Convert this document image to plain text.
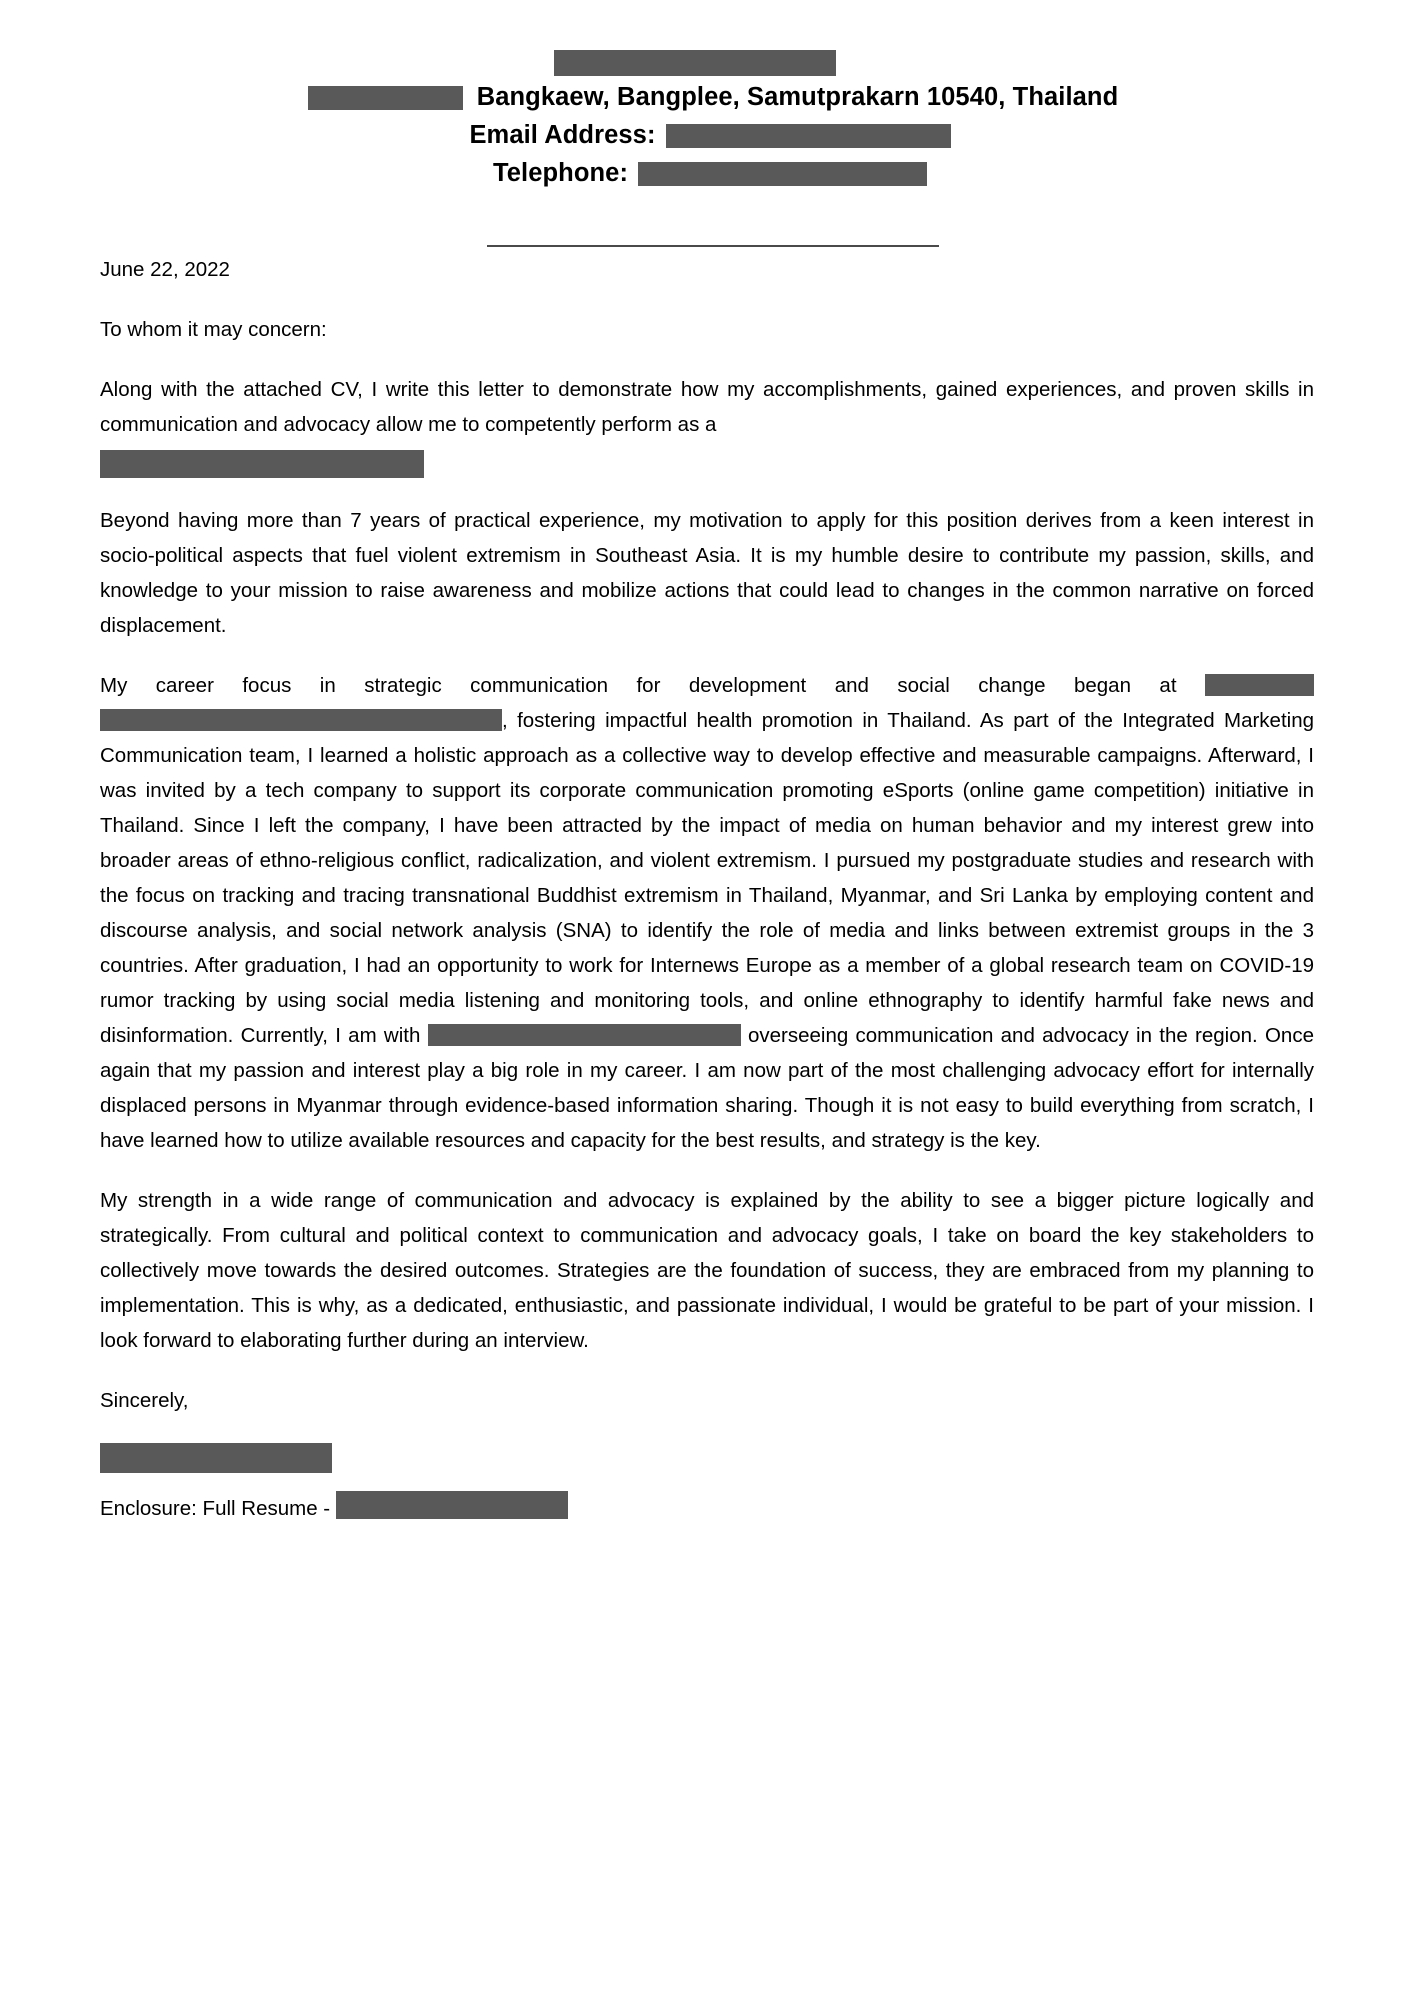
Bangkaew, Bangplee, Samutprakarn 10540, Thailand
Email Address:
Telephone:

June 22, 2022

To whom it may concern:

Along with the attached CV, I write this letter to demonstrate how my accomplishments, gained experiences, and proven skills in communication and advocacy allow me to competently perform as a

Beyond having more than 7 years of practical experience, my motivation to apply for this position derives from a keen interest in socio-political aspects that fuel violent extremism in Southeast Asia. It is my humble desire to contribute my passion, skills, and knowledge to your mission to raise awareness and mobilize actions that could lead to changes in the common narrative on forced displacement.

My career focus in strategic communication for development and social change began at , fostering impactful health promotion in Thailand. As part of the Integrated Marketing Communication team, I learned a holistic approach as a collective way to develop effective and measurable campaigns. Afterward, I was invited by a tech company to support its corporate communication promoting eSports (online game competition) initiative in Thailand. Since I left the company, I have been attracted by the impact of media on human behavior and my interest grew into broader areas of ethno-religious conflict, radicalization, and violent extremism. I pursued my postgraduate studies and research with the focus on tracking and tracing transnational Buddhist extremism in Thailand, Myanmar, and Sri Lanka by employing content and discourse analysis, and social network analysis (SNA) to identify the role of media and links between extremist groups in the 3 countries. After graduation, I had an opportunity to work for Internews Europe as a member of a global research team on COVID-19 rumor tracking by using social media listening and monitoring tools, and online ethnography to identify harmful fake news and disinformation. Currently, I am with	overseeing communication and advocacy in the region. Once again that my passion and interest play a big role in my career. I am now part of the most challenging advocacy effort for internally displaced persons in Myanmar through evidence-based information sharing. Though it is not easy to build everything from scratch, I have learned how to utilize available resources and capacity for the best results, and strategy is the key.

My strength in a wide range of communication and advocacy is explained by the ability to see a bigger picture logically and strategically. From cultural and political context to communication and advocacy goals, I take on board the key stakeholders to collectively move towards the desired outcomes. Strategies are the foundation of success, they are embraced from my planning to implementation. This is why, as a dedicated, enthusiastic, and passionate individual, I would be grateful to be part of your mission. I look forward to elaborating further during an interview.

Sincerely,

Enclosure: Full Resume -
